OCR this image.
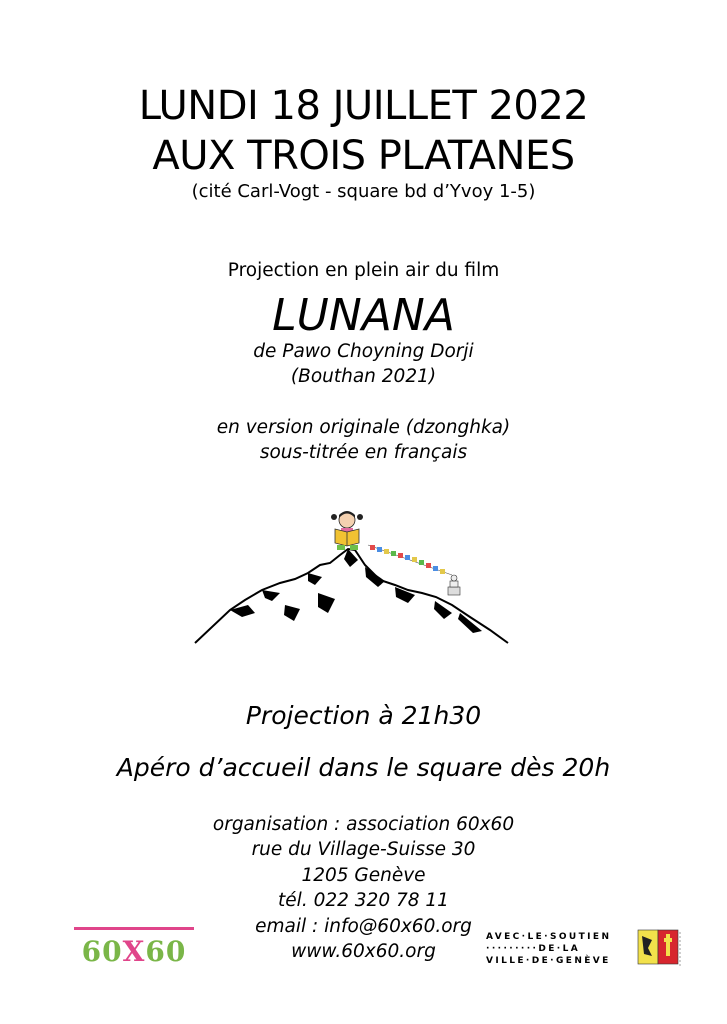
LUNDI 18 JUILLET 2022
AUX TROIS PLATANES
(cité Carl-Vogt - square bd d’Yvoy 1-5)
Projection en plein air du film
LUNANA
de Pawo Choyning Dorji
(Bouthan 2021)
en version originale (dzonghka)
sous-titrée en français
Projection à 21h30
Apéro d’accueil dans le square dès 20h
organisation : association 60x60
rue du Village-Suisse 30
1205 Genève
tél. 022 320 78 11
email : info@60x60.org
www.60x60.org
60X60	AVEC·LE·SOUTIEN
·········DE·LA
VILLE·DE·GENÈVE
